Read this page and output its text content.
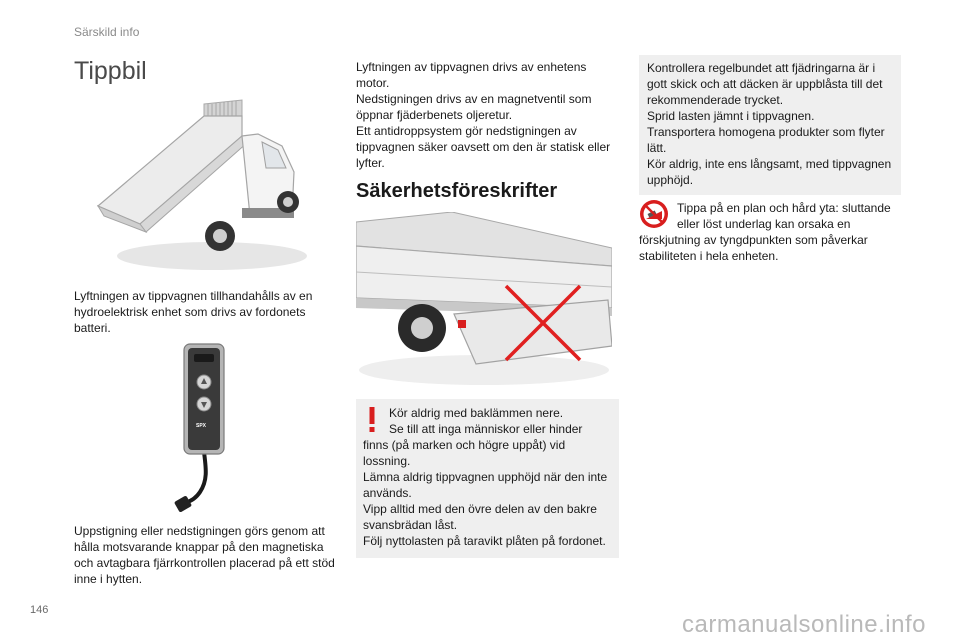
Särskild info
146
carmanualsonline.info
Tippbil

Lyftningen av tippvagnen tillhandahålls av en

hydroelektrisk enhet som drivs av fordonets

batteri.

SPX

Uppstigning eller nedstigningen görs genom att

hålla motsvarande knappar på den magnetiska

och avtagbara fjärrkontrollen placerad på ett stöd

inne i hytten.

Lyftningen av tippvagnen drivs av enhetens

motor.

Nedstigningen drivs av en magnetventil som

öppnar fjäderbenets oljeretur.

Ett antidroppsystem gör nedstigningen av

tippvagnen säker oavsett om den är statisk eller

lyfter.

Säkerhetsföreskrifter

Kör aldrig med baklämmen nere.

Se till att inga människor eller hinder

finns (på marken och högre uppåt) vid

lossning.

Lämna aldrig tippvagnen upphöjd när den inte

används.

Vipp alltid med den övre delen av den bakre

svansbrädan låst.

Följ nyttolasten på taravikt plåten på fordonet.

Kontrollera regelbundet att fjädringarna är i

gott skick och att däcken är uppblåsta till det

rekommenderade trycket.

Sprid lasten jämnt i tippvagnen.

Transportera homogena produkter som flyter

lätt.

Kör aldrig, inte ens långsamt, med tippvagnen

upphöjd.

Tippa på en plan och hård yta: sluttande

eller löst underlag kan orsaka en

förskjutning av tyngdpunkten som påverkar

stabiliteten i hela enheten.
